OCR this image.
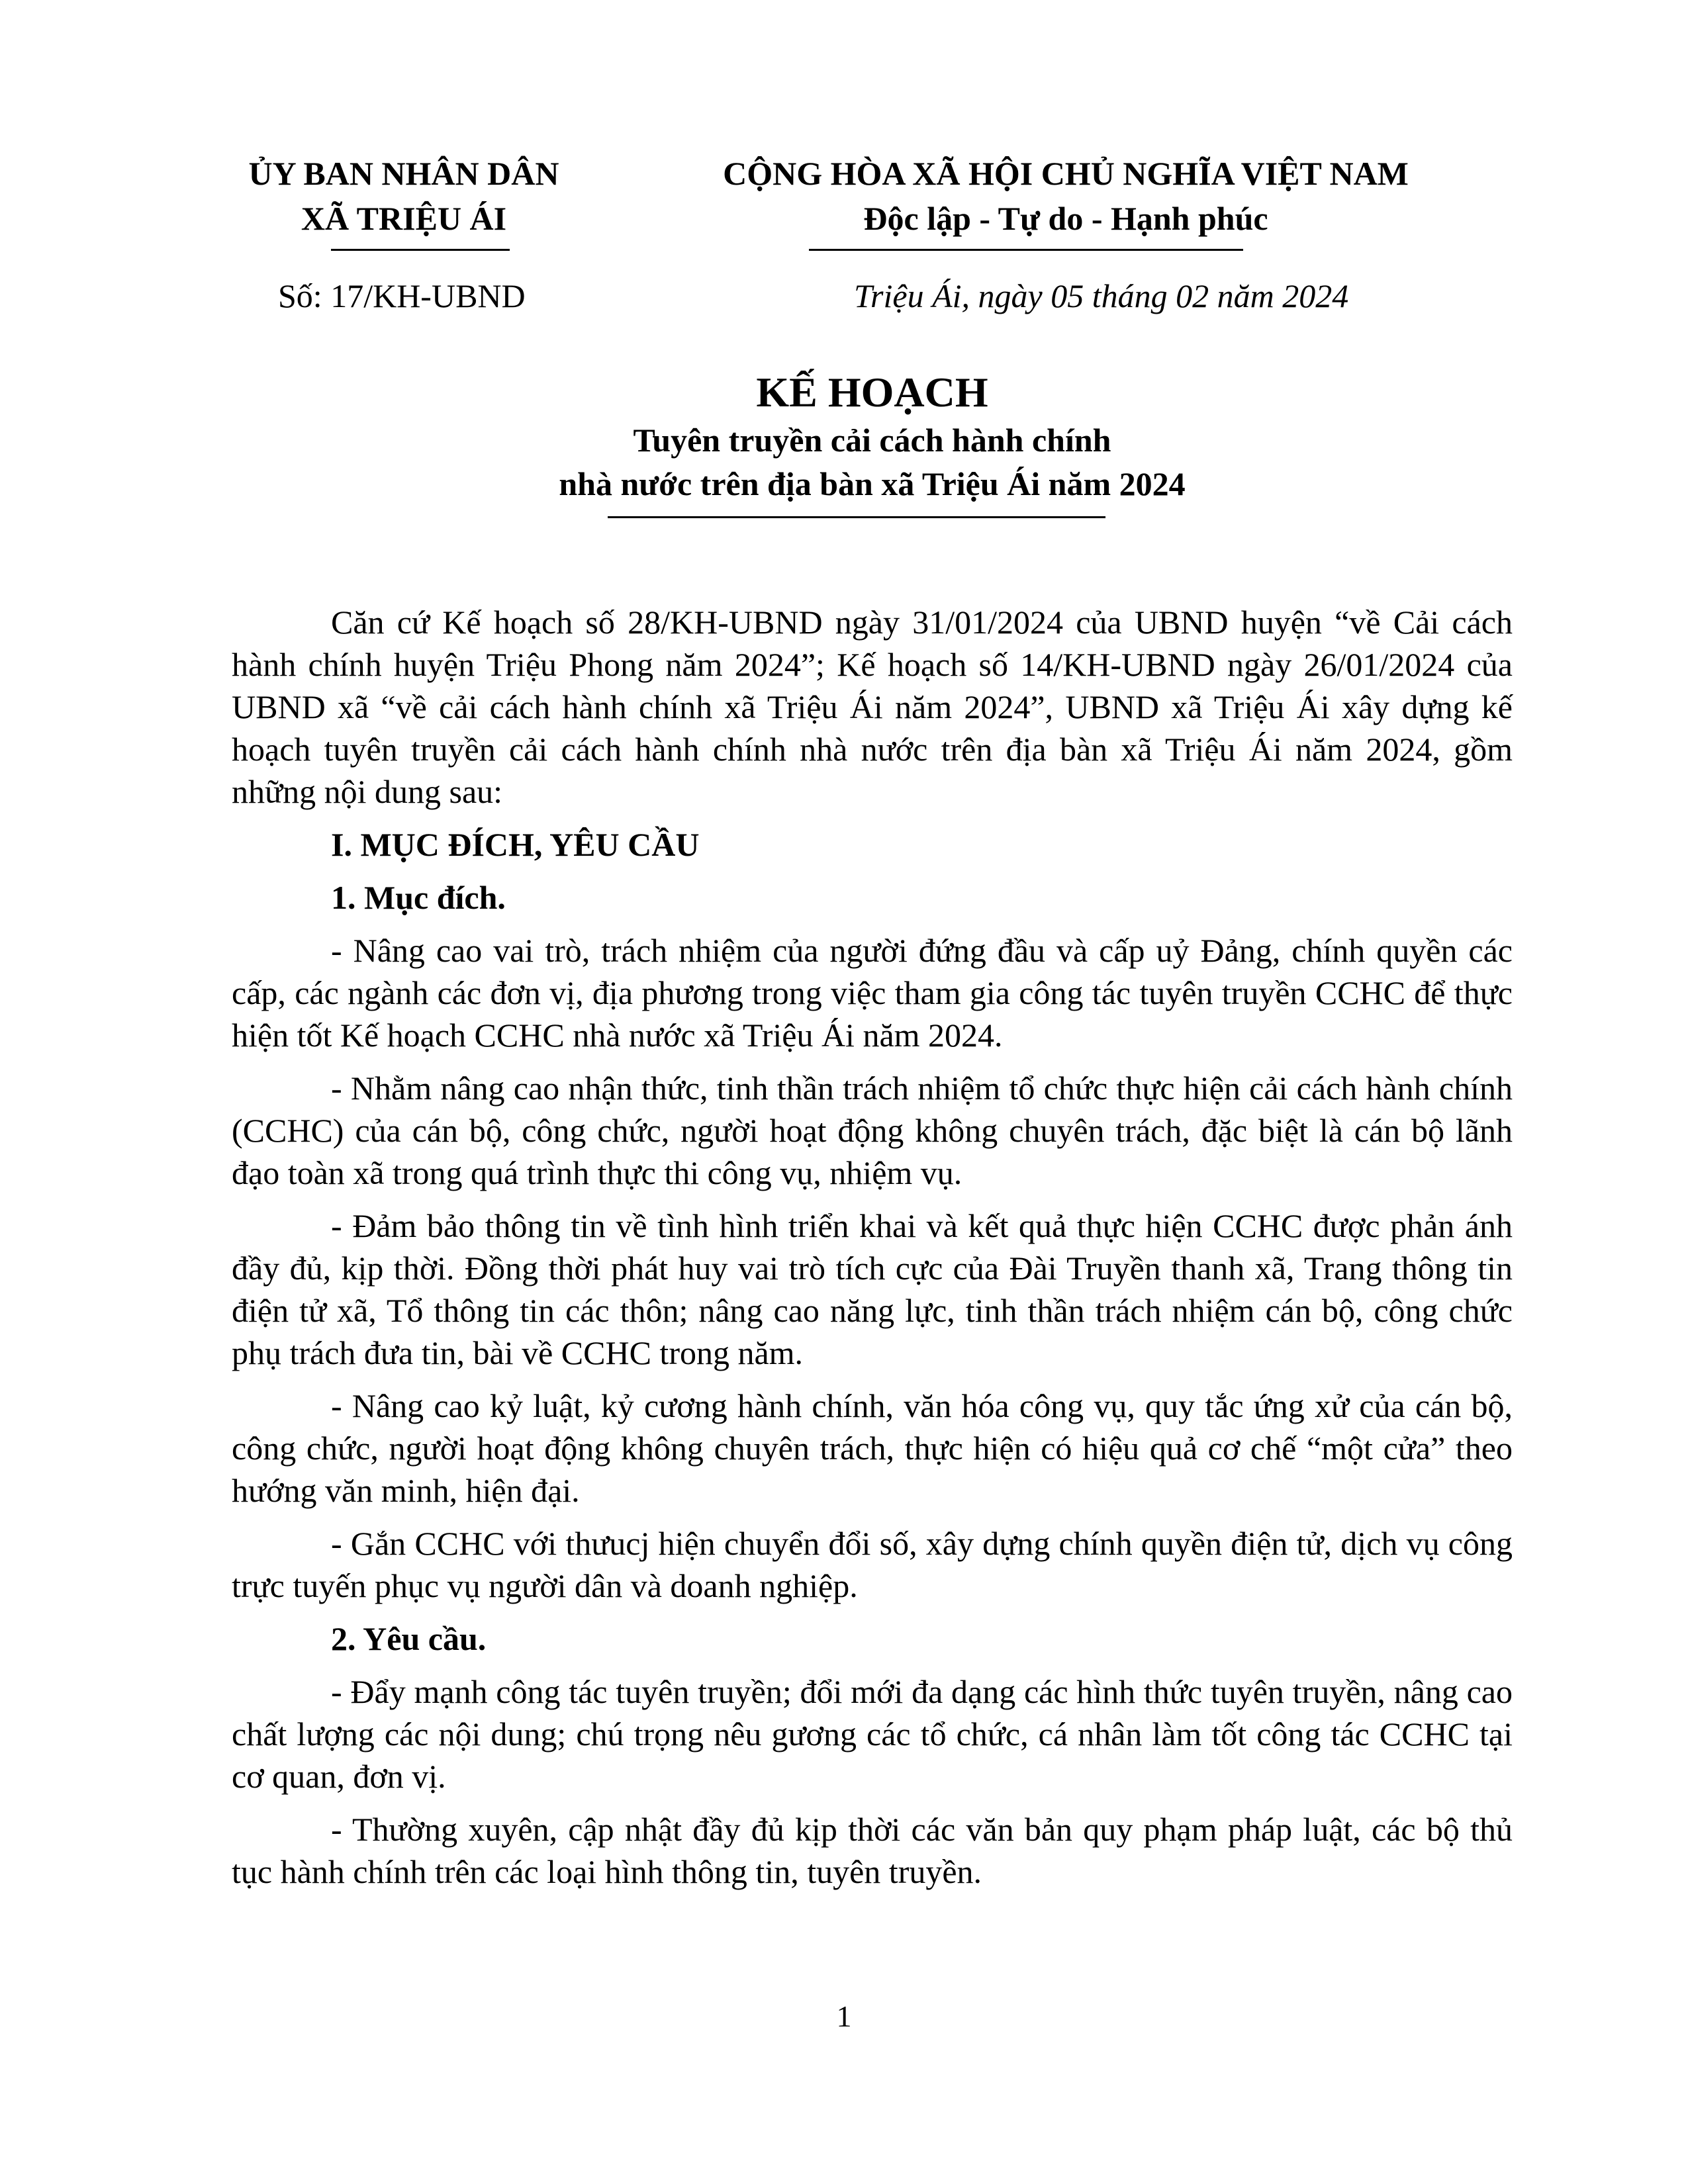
ỦY BAN NHÂN DÂN
XÃ TRIỆU ÁI
CỘNG HÒA XÃ HỘI CHỦ NGHĨA VIỆT NAM
Độc lập - Tự do - Hạnh phúc
Số: 17/KH-UBND	Triệu Ái, ngày 05 tháng 02 năm 2024
KẾ HOẠCH
Tuyên truyền cải cách hành chính
nhà nước trên địa bàn xã Triệu Ái năm 2024

Căn cứ Kế hoạch số 28/KH-UBND ngày 31/01/2024 của UBND huyện “về Cải cách hành chính huyện Triệu Phong năm 2024”; Kế hoạch số 14/KH-UBND ngày 26/01/2024 của UBND xã “về cải cách hành chính xã Triệu Ái năm 2024”, UBND xã Triệu Ái xây dựng kế hoạch tuyên truyền cải cách hành chính nhà nước trên địa bàn xã Triệu Ái năm 2024, gồm những nội dung sau:

I. MỤC ĐÍCH, YÊU CẦU
1. Mục đích.

- Nâng cao vai trò, trách nhiệm của người đứng đầu và cấp uỷ Đảng, chính quyền các cấp, các ngành các đơn vị, địa phương trong việc tham gia công tác tuyên truyền CCHC để thực hiện tốt Kế hoạch CCHC nhà nước xã Triệu Ái năm 2024.

- Nhằm nâng cao nhận thức, tinh thần trách nhiệm tổ chức thực hiện cải cách hành chính (CCHC) của cán bộ, công chức, người hoạt động không chuyên trách, đặc biệt là cán bộ lãnh đạo toàn xã trong quá trình thực thi công vụ, nhiệm vụ.

- Đảm bảo thông tin về tình hình triển khai và kết quả thực hiện CCHC được phản ánh đầy đủ, kịp thời. Đồng thời phát huy vai trò tích cực của Đài Truyền thanh xã, Trang thông tin điện tử xã, Tổ thông tin các thôn; nâng cao năng lực, tinh thần trách nhiệm cán bộ, công chức phụ trách đưa tin, bài về CCHC trong năm.

- Nâng cao kỷ luật, kỷ cương hành chính, văn hóa công vụ, quy tắc ứng xử của cán bộ, công chức, người hoạt động không chuyên trách, thực hiện có hiệu quả cơ chế “một cửa” theo hướng văn minh, hiện đại.

- Gắn CCHC với thưucj hiện chuyển đổi số, xây dựng chính quyền điện tử, dịch vụ công trực tuyến phục vụ người dân và doanh nghiệp.

2. Yêu cầu.

- Đẩy mạnh công tác tuyên truyền; đổi mới đa dạng các hình thức tuyên truyền, nâng cao chất lượng các nội dung; chú trọng nêu gương các tổ chức, cá nhân làm tốt công tác CCHC tại cơ quan, đơn vị.

- Thường xuyên, cập nhật đầy đủ kịp thời các văn bản quy phạm pháp luật, các bộ thủ tục hành chính trên các loại hình thông tin, tuyên truyền.

1
